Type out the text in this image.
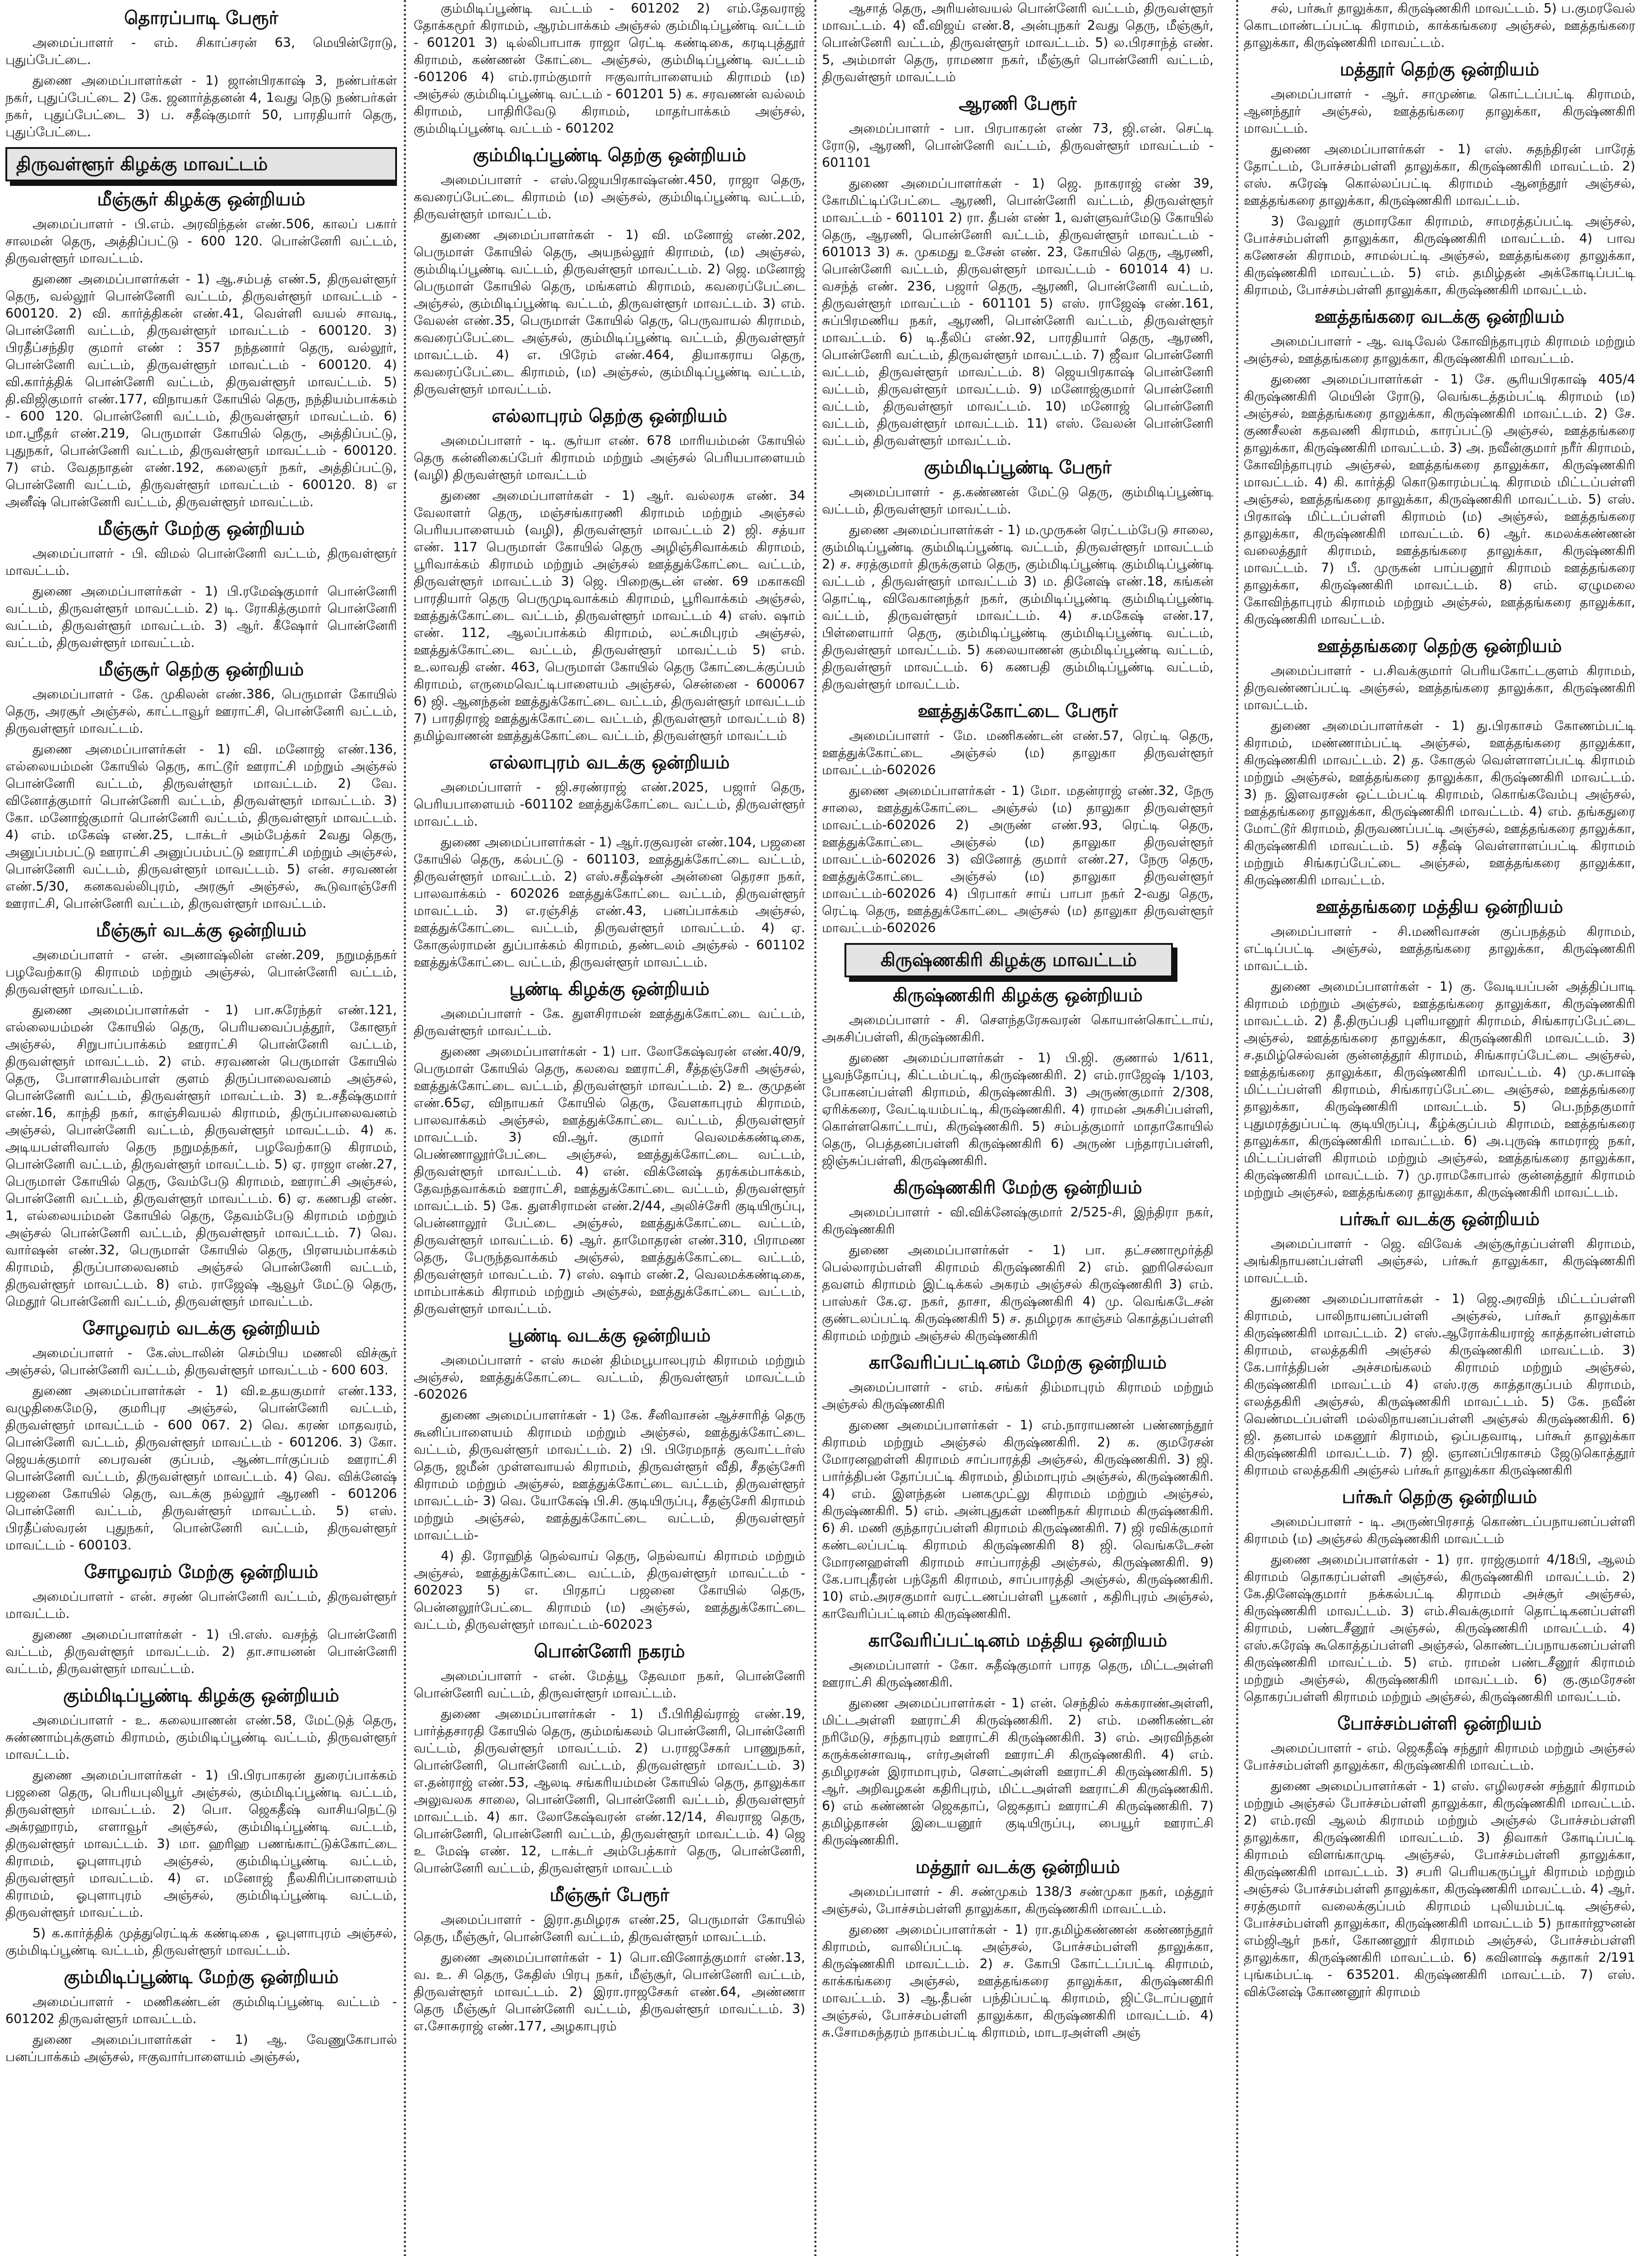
தொரப்பாடி பேரூர்
அமைப்பாளர் - எம். சிகாப்சரன் 63, மெயின்ரோடு, புதுப்பேட்டை.
துணை அமைப்பாளர்கள் - 1) ஜான்பிரகாஷ் 3, நண்பர்கள் நகர், புதுப்பேட்டை 2) கே. ஜனார்த்தனன் 4, 1வது நெடு நண்பர்கள் நகர், புதுப்பேட்டை 3) ப. சதீஷ்குமார் 50, பாரதியார் தெரு, புதுப்பேட்டை.
திருவள்ளூர் கிழக்கு மாவட்டம்
மீஞ்சூர் கிழக்கு ஒன்றியம்
அமைப்பாளர் - பி.எம். அரவிந்தன் எண்.506, காலப் பகார் சாலமன் தெரு, அத்திப்பட்டு - 600 120. பொன்னேரி வட்டம், திருவள்ளூர் மாவட்டம்.
துணை அமைப்பாளர்கள் - 1) ஆ.சம்பத் எண்.5, திருவள்ளூர் தெரு, வல்லூர் பொன்னேரி வட்டம், திருவள்ளூர் மாவட்டம் - 600120. 2) வி. கார்த்திகன் எண்.41, வெள்ளி வயல் சாவடி, பொன்னேரி வட்டம், திருவள்ளூர் மாவட்டம் - 600120. 3) பிரதீப்சந்திர குமார் எண் : 357 நந்தனார் தெரு, வல்லூர், பொன்னேரி வட்டம், திருவள்ளூர் மாவட்டம் - 600120. 4) வி.கார்த்திக் பொன்னேரி வட்டம், திருவள்ளூர் மாவட்டம். 5) தி.விஜிகுமார் எண்.177, விநாயகர் கோயில் தெரு, நந்தியம்பாக்கம் - 600 120. பொன்னேரி வட்டம், திருவள்ளூர் மாவட்டம். 6) மா.ஸ்ரீதர் எண்.219, பெருமாள் கோயில் தெரு, அத்திப்பட்டு, புதுநகர், பொன்னேரி வட்டம், திருவள்ளூர் மாவட்டம் - 600120. 7) எம். வேதநாதன் எண்.192, கலைஞர் நகர், அத்திப்பட்டு, பொன்னேரி வட்டம், திருவள்ளூர் மாவட்டம் - 600120. 8) எ அனீஷ் பொன்னேரி வட்டம், திருவள்ளூர் மாவட்டம்.
மீஞ்சூர் மேற்கு ஒன்றியம்
அமைப்பாளர் - பி. விமல் பொன்னேரி வட்டம், திருவள்ளூர் மாவட்டம்.
துணை அமைப்பாளர்கள் - 1) பி.ரமேஷ்குமார் பொன்னேரி வட்டம், திருவள்ளூர் மாவட்டம். 2) டி. ரோகித்குமார் பொன்னேரி வட்டம், திருவள்ளூர் மாவட்டம். 3) ஆர். கீஷோர் பொன்னேரி வட்டம், திருவள்ளூர் மாவட்டம்.
மீஞ்சூர் தெற்கு ஒன்றியம்
அமைப்பாளர் - கே. முகிலன் எண்.386, பெருமாள் கோயில் தெரு, அரசூர் அஞ்சல், காட்டாவூர் ஊராட்சி, பொன்னேரி வட்டம், திருவள்ளூர் மாவட்டம்.
துணை அமைப்பாளர்கள் - 1) வி. மனோஜ் எண்.136, எல்லையம்மன் கோயில் தெரு, காட்டூர் ஊராட்சி மற்றும் அஞ்சல் பொன்னேரி வட்டம், திருவள்ளூர் மாவட்டம். 2) வே. வினோத்குமார் பொன்னேரி வட்டம், திருவள்ளூர் மாவட்டம். 3) கோ. மனோஜ்குமார் பொன்னேரி வட்டம், திருவள்ளூர் மாவட்டம். 4) எம். மகேஷ் எண்.25, டாக்டர் அம்பேத்கர் 2வது தெரு, அனுப்பம்பட்டு ஊராட்சி அனுப்பம்பட்டு ஊராட்சி மற்றும் அஞ்சல், பொன்னேரி வட்டம், திருவள்ளூர் மாவட்டம். 5) என். சரவணன் எண்.5/30, கனகவல்லிபுரம், அரசூர் அஞ்சல், கூடுவாஞ்சேரி ஊராட்சி, பொன்னேரி வட்டம், திருவள்ளூர் மாவட்டம்.
மீஞ்சூர் வடக்கு ஒன்றியம்
அமைப்பாளர் - என். அனாஷ்லின் எண்.209, நறுமத்நகர் பழவேற்காடு கிராமம் மற்றும் அஞ்சல், பொன்னேரி வட்டம், திருவள்ளூர் மாவட்டம்.
துணை அமைப்பாளர்கள் - 1) பா.சுரேந்தர் எண்.121, எல்லையம்மன் கோயில் தெரு, பெரியவைப்பத்தூர், கோளூர் அஞ்சல், சிறுபாப்பாக்கம் ஊராட்சி பொன்னேரி வட்டம், திருவள்ளூர் மாவட்டம். 2) எம். சரவணன் பெருமாள் கோயில் தெரு, போளாசிவம்பாள் குளம் திருப்பாலைவனம் அஞ்சல், பொன்னேரி வட்டம், திருவள்ளூர் மாவட்டம். 3) உ.சதீஷ்குமார் எண்.16, காந்தி நகர், காஞ்சிவயல் கிராமம், திருப்பாலைவனம் அஞ்சல், பொன்னேரி வட்டம், திருவள்ளூர் மாவட்டம். 4) க. அடியபள்ளிவாஸ் தெரு நறுமத்நகர், பழவேற்காடு கிராமம், பொன்னேரி வட்டம், திருவள்ளூர் மாவட்டம். 5) ஏ. ராஜா எண்.27, பெருமாள் கோயில் தெரு, வேம்பேடு கிராமம், ஊராட்சி அஞ்சல், பொன்னேரி வட்டம், திருவள்ளூர் மாவட்டம். 6) ஏ. கணபதி எண். 1, எல்லையம்மன் கோயில் தெரு, தேவம்பேடு கிராமம் மற்றும் அஞ்சல் பொன்னேரி வட்டம், திருவள்ளூர் மாவட்டம். 7) வெ. வார்ஷன் எண்.32, பெருமாள் கோயில் தெரு, பிரளயம்பாக்கம் கிராமம், திருப்பாலைவனம் அஞ்சல் பொன்னேரி வட்டம், திருவள்ளூர் மாவட்டம். 8) எம். ராஜேஷ் ஆவூர் மேட்டு தெரு, மெதூர் பொன்னேரி வட்டம், திருவள்ளூர் மாவட்டம்.
சோழவரம் வடக்கு ஒன்றியம்
அமைப்பாளர் - கே.ஸ்டாலின் செம்பிய மணலி விச்சூர் அஞ்சல், பொன்னேரி வட்டம், திருவள்ளூர் மாவட்டம் - 600 603.
துணை அமைப்பாளர்கள் - 1) வி.உதயகுமார் எண்.133, வழுதிகைமேடு, குமரிபுர அஞ்சல், பொன்னேரி வட்டம், திருவள்ளூர் மாவட்டம் - 600 067. 2) வெ. கரண் மாதவரம், பொன்னேரி வட்டம், திருவள்ளூர் மாவட்டம் - 601206. 3) கோ. ஜெயக்குமார் பைரவன் குப்பம், ஆண்டார்குப்பம் ஊராட்சி பொன்னேரி வட்டம், திருவள்ளூர் மாவட்டம். 4) வெ. விக்னேஷ் பஜனை கோயில் தெரு, வடக்கு நல்லூர் ஆரணி - 601206 பொன்னேரி வட்டம், திருவள்ளூர் மாவட்டம். 5) எஸ். பிரதீப்ஸ்வரன் புதுநகர், பொன்னேரி வட்டம், திருவள்ளூர் மாவட்டம் - 600103.
சோழவரம் மேற்கு ஒன்றியம்
அமைப்பாளர் - என். சரண் பொன்னேரி வட்டம், திருவள்ளூர் மாவட்டம்.
துணை அமைப்பாளர்கள் - 1) பி.எஸ். வசந்த் பொன்னேரி வட்டம், திருவள்ளூர் மாவட்டம். 2) தா.சாயனன் பொன்னேரி வட்டம், திருவள்ளூர் மாவட்டம்.
கும்மிடிப்பூண்டி கிழக்கு ஒன்றியம்
அமைப்பாளர் - உ. கலையாணன் எண்.58, மேட்டுத் தெரு, சுண்ணாம்புக்குளம் கிராமம், கும்மிடிப்பூண்டி வட்டம், திருவள்ளூர் மாவட்டம்.
துணை அமைப்பாளர்கள் - 1) பி.பிரபாகரன் துரைப்பாக்கம் பஜனை தெரு, பெரியபுலியூர் அஞ்சல், கும்மிடிப்பூண்டி வட்டம், திருவள்ளூர் மாவட்டம். 2) பொ. ஜெகதீஷ் வாசியநெட்டு அக்ரஹாரம், எளாவூர் அஞ்சல், கும்மிடிப்பூண்டி வட்டம், திருவள்ளூர் மாவட்டம். 3) மா. ஹரிஹ பணங்காட்டுக்கோட்டை கிராமம், ஓபுளாபுரம் அஞ்சல், கும்மிடிப்பூண்டி வட்டம், திருவள்ளூர் மாவட்டம். 4) எ. மனோஜ் நீலகிரிப்பாளையம் கிராமம், ஓபுளாபுரம் அஞ்சல், கும்மிடிப்பூண்டி வட்டம், திருவள்ளூர் மாவட்டம்.
5) க.கார்த்திக் முத்துரெட்டிக் கண்டிகை , ஓபுளாபுரம் அஞ்சல், கும்மிடிப்பூண்டி வட்டம், திருவள்ளூர் மாவட்டம்.
கும்மிடிப்பூண்டி மேற்கு ஒன்றியம்
அமைப்பாளர் - மணிகண்டன் கும்மிடிப்பூண்டி வட்டம் - 601202 திருவள்ளூர் மாவட்டம்.
துணை அமைப்பாளர்கள் - 1) ஆ. வேணுகோபால் பனப்பாக்கம் அஞ்சல், ஈகுவார்பாளையம் அஞ்சல்,
கும்மிடிப்பூண்டி வட்டம் - 601202 2) எம்.தேவராஜ் தோக்கமூர் கிராமம், ஆரம்பாக்கம் அஞ்சல் கும்மிடிப்பூண்டி வட்டம் - 601201 3) டில்லிபாபாசு ராஜா ரெட்டி கண்டிகை, கரடிபுத்தூர் கிராமம், கண்ணன் கோட்டை அஞ்சல், கும்மிடிப்பூண்டி வட்டம் -601206 4) எம்.ராம்குமார் ஈகுவார்பாளையம் கிராமம் (ம) அஞ்சல் கும்மிடிப்பூண்டி வட்டம் - 601201 5) க. சரவணன் வல்லம் கிராமம், பாதிரிவேடு கிராமம், மாதர்பாக்கம் அஞ்சல், கும்மிடிப்பூண்டி வட்டம் - 601202
கும்மிடிப்பூண்டி தெற்கு ஒன்றியம்
அமைப்பாளர் - எஸ்.ஜெயபிரகாஷ்எண்.450, ராஜா தெரு, கவரைப்பேட்டை கிராமம் (ம) அஞ்சல், கும்மிடிப்பூண்டி வட்டம், திருவள்ளூர் மாவட்டம்.
துணை அமைப்பாளர்கள் - 1) வி. மனோஜ் எண்.202, பெருமாள் கோயில் தெரு, அயநல்லூர் கிராமம், (ம) அஞ்சல், கும்மிடிப்பூண்டி வட்டம், திருவள்ளூர் மாவட்டம். 2) ஜெ. மனோஜ் பெருமாள் கோயில் தெரு, மங்களம் கிராமம், கவரைப்பேட்டை அஞ்சல், கும்மிடிப்பூண்டி வட்டம், திருவள்ளூர் மாவட்டம். 3) எம். வேலன் எண்.35, பெருமாள் கோயில் தெரு, பெருவாயல் கிராமம், கவரைப்பேட்டை அஞ்சல், கும்மிடிப்பூண்டி வட்டம், திருவள்ளூர் மாவட்டம். 4) எ. பிரேம் எண்.464, தியாகராய தெரு, கவரைப்பேட்டை கிராமம், (ம) அஞ்சல், கும்மிடிப்பூண்டி வட்டம், திருவள்ளூர் மாவட்டம்.
எல்லாபுரம் தெற்கு ஒன்றியம்
அமைப்பாளர் - டி. சூர்யா எண். 678 மாரியம்மன் கோயில் தெரு கன்னிகைப்பேர் கிராமம் மற்றும் அஞ்சல் பெரியபாளையம் (வழி) திருவள்ளூர் மாவட்டம்
துணை அமைப்பாளர்கள் - 1) ஆர். வல்லரசு எண். 34 வேலாளர் தெரு, மஞ்சங்காரணி கிராமம் மற்றும் அஞ்சல் பெரியபாளையம் (வழி), திருவள்ளூர் மாவட்டம் 2) ஜி. சத்யா எண். 117 பெருமாள் கோயில் தெரு அழிஞ்சிவாக்கம் கிராமம், பூரிவாக்கம் கிராமம் மற்றும் அஞ்சல் ஊத்துக்கோட்டை வட்டம், திருவள்ளூர் மாவட்டம் 3) ஜெ. பிறைசூடன் எண். 69 மகாகவி பாரதியார் தெரு பெருமுடிவாக்கம் கிராமம், பூரிவாக்கம் அஞ்சல், ஊத்துக்கோட்டை வட்டம், திருவள்ளூர் மாவட்டம் 4) எஸ். ஷாம் எண். 112, ஆலப்பாக்கம் கிராமம், லட்சுமிபுரம் அஞ்சல், ஊத்துக்கோட்டை வட்டம், திருவள்ளூர் மாவட்டம் 5) எம். உ.லாவதி எண். 463, பெருமாள் கோயில் தெரு கோட்டைக்குப்பம் கிராமம், எருமைவெட்டிபாளையம் அஞ்சல், சென்னை - 600067 6) ஜி. ஆனந்தன் ஊத்துக்கோட்டை வட்டம், திருவள்ளூர் மாவட்டம் 7) பாரதிராஜ் ஊத்துக்கோட்டை வட்டம், திருவள்ளூர் மாவட்டம் 8) தமிழ்வாணன் ஊத்துக்கோட்டை வட்டம், திருவள்ளூர் மாவட்டம்
எல்லாபுரம் வடக்கு ஒன்றியம்
அமைப்பாளர் - ஜி.சரண்ராஜ் எண்.2025, பஜார் தெரு, பெரியபாளையம் -601102 ஊத்துக்கோட்டை வட்டம், திருவள்ளூர் மாவட்டம்.
துணை அமைப்பாளர்கள் - 1) ஆர்.ரகுவரன் எண்.104, பஜனை கோயில் தெரு, கல்பட்டு - 601103, ஊத்துக்கோட்டை வட்டம், திருவள்ளூர் மாவட்டம். 2) எஸ்.சதீஷ்சன் அன்னை தெரசா நகர், பாலவாக்கம் - 602026 ஊத்துக்கோட்டை வட்டம், திருவள்ளூர் மாவட்டம். 3) எ.ரஞ்சித் எண்.43, பனப்பாக்கம் அஞ்சல், ஊத்துக்கோட்டை வட்டம், திருவள்ளூர் மாவட்டம். 4) ஏ. கோகுல்ராமன் துப்பாக்கம் கிராமம், தண்டலம் அஞ்சல் - 601102 ஊத்துக்கோட்டை வட்டம், திருவள்ளூர் மாவட்டம்.
பூண்டி கிழக்கு ஒன்றியம்
அமைப்பாளர் - கே. துளசிராமன் ஊத்துக்கோட்டை வட்டம், திருவள்ளூர் மாவட்டம்.
துணை அமைப்பாளர்கள் - 1) பா. லோகேஷ்வரன் எண்.40/9, பெருமாள் கோயில் தெரு, கலவை ஊராட்சி, சீத்தஞ்சேரி அஞ்சல், ஊத்துக்கோட்டை வட்டம், திருவள்ளூர் மாவட்டம். 2) உ. குமுதன் எண்.65ஏ, விநாயகர் கோயில் தெரு, வேளகாபுரம் கிராமம், பாலவாக்கம் அஞ்சல், ஊத்துக்கோட்டை வட்டம், திருவள்ளூர் மாவட்டம். 3) வி.ஆர். குமார் வெலமக்கண்டிகை, பெண்ணாலூர்பேட்டை அஞ்சல், ஊத்துக்கோட்டை வட்டம், திருவள்ளூர் மாவட்டம். 4) என். விக்னேஷ் தரக்கம்பாக்கம், தேவந்தவாக்கம் ஊராட்சி, ஊத்துக்கோட்டை வட்டம், திருவள்ளூர் மாவட்டம். 5) கே. துளசிராமன் எண்.2/44, அலிச்சேரி குடியிருப்பு, பென்னாலூர் பேட்டை அஞ்சல், ஊத்துக்கோட்டை வட்டம், திருவள்ளூர் மாவட்டம். 6) ஆர். தாமோதரன் எண்.310, பிராமண தெரு, பேருந்தவாக்கம் அஞ்சல், ஊத்துக்கோட்டை வட்டம், திருவள்ளூர் மாவட்டம். 7) எஸ். ஷாம் எண்.2, வெலமக்கண்டிகை, மாம்பாக்கம் கிராமம் மற்றும் அஞ்சல், ஊத்துக்கோட்டை வட்டம், திருவள்ளூர் மாவட்டம்.
பூண்டி வடக்கு ஒன்றியம்
அமைப்பாளர் - எஸ் சுமன் திம்மபூபாலபுரம் கிராமம் மற்றும் அஞ்சல், ஊத்துக்கோட்டை வட்டம், திருவள்ளூர் மாவட்டம் -602026
துணை அமைப்பாளர்கள் - 1) கே. சீனிவாசன் ஆச்சாரித் தெரு கூனிப்பாளையம் கிராமம் மற்றும் அஞ்சல், ஊத்துக்கோட்டை வட்டம், திருவள்ளூர் மாவட்டம். 2) பி. பிரேமநாத் குவாட்டர்ஸ் தெரு, ஜமீன் முள்ளவாயல் கிராமம், திருவள்ளூர் வீதி, சீதஞ்சேரி கிராமம் மற்றும் அஞ்சல், ஊத்துக்கோட்டை வட்டம், திருவள்ளூர் மாவட்டம்- 3) வெ. யோகேஷ் பி.சி. குடியிருப்பு, சீதஞ்சேரி கிராமம் மற்றும் அஞ்சல், ஊத்துக்கோட்டை வட்டம், திருவள்ளூர் மாவட்டம்-
4) தி. ரோஹித் நெல்வாய் தெரு, நெல்வாய் கிராமம் மற்றும் அஞ்சல், ஊத்துக்கோட்டை வட்டம், திருவள்ளூர் மாவட்டம் - 602023 5) எ. பிரதாப் பஜனை கோயில் தெரு, பென்னலூர்பேட்டை கிராமம் (ம) அஞ்சல், ஊத்துக்கோட்டை வட்டம், திருவள்ளூர் மாவட்டம்-602023
பொன்னேரி நகரம்
அமைப்பாளர் - என். மேத்யூ தேவமா நகர், பொன்னேரி பொன்னேரி வட்டம், திருவள்ளூர் மாவட்டம்.
துணை அமைப்பாளர்கள் - 1) பீ.பிரிதிவ்ராஜ் எண்.19, பார்த்தசாரதி கோயில் தெரு, கும்மங்கலம் பொன்னேரி, பொன்னேரி வட்டம், திருவள்ளூர் மாவட்டம். 2) ப.ராஜசேகர் பாணுநகர், பொன்னேரி, பொன்னேரி வட்டம், திருவள்ளூர் மாவட்டம். 3) எ.தன்ராஜ் எண்.53, ஆலடி சங்கரியம்மன் கோயில் தெரு, தாலுக்கா அலுவலக சாலை, பொன்னேரி, பொன்னேரி வட்டம், திருவள்ளூர் மாவட்டம். 4) கா. லோகேஷ்வரன் எண்.12/14, சிவராஜ தெரு, பொன்னேரி, பொன்னேரி வட்டம், திருவள்ளூர் மாவட்டம். 4) ஜெ உ மேஷ் எண். 12, டாக்டர் அம்பேத்கார் தெரு, பொன்னேரி, பொன்னேரி வட்டம், திருவள்ளூர் மாவட்டம்
மீஞ்சூர் பேரூர்
அமைப்பாளர் - இரா.தமிழரசு எண்.25, பெருமாள் கோயில் தெரு, மீஞ்சூர், பொன்னேரி வட்டம், திருவள்ளூர் மாவட்டம்.
துணை அமைப்பாளர்கள் - 1) பொ.வினோத்குமார் எண்.13, வ. உ. சி தெரு, கேதிஸ் பிரபு நகர், மீஞ்சூர், பொன்னேரி வட்டம், திருவள்ளூர் மாவட்டம். 2) இரா.ராஜசேகர் எண்.64, அண்ணா தெரு மீஞ்சூர் பொன்னேரி வட்டம், திருவள்ளூர் மாவட்டம். 3) எ.சோசுராஜ் எண்.177, அழகாபுரம்
ஆசாத் தெரு, அரியன்வயல் பொன்னேரி வட்டம், திருவள்ளூர் மாவட்டம். 4) வீ.விஜய் எண்.8, அன்புநகர் 2வது தெரு, மீஞ்சூர், பொன்னேரி வட்டம், திருவள்ளூர் மாவட்டம். 5) ல.பிரசாந்த் எண். 5, அம்மாள் தெரு, ராமணா நகர், மீஞ்சூர் பொன்னேரி வட்டம், திருவள்ளூர் மாவட்டம்
ஆரணி பேரூர்
அமைப்பாளர் - பா. பிரபாகரன் எண் 73, ஜி.என். செட்டி ரோடு, ஆரணி, பொன்னேரி வட்டம், திருவள்ளூர் மாவட்டம் - 601101
துணை அமைப்பாளர்கள் - 1) ஜெ. நாகராஜ் எண் 39, கோமிட்டிப்பேட்டை ஆரணி, பொன்னேரி வட்டம், திருவள்ளூர் மாவட்டம் - 601101 2) ரா. தீபன் எண் 1, வள்ளுவர்மேடு கோயில் தெரு, ஆரணி, பொன்னேரி வட்டம், திருவள்ளூர் மாவட்டம் - 601013 3) சு. முகமது உசேன் எண். 23, கோயில் தெரு, ஆரணி, பொன்னேரி வட்டம், திருவள்ளூர் மாவட்டம் - 601014 4) ப. வசந்த் எண். 236, பஜார் தெரு, ஆரணி, பொன்னேரி வட்டம், திருவள்ளூர் மாவட்டம் - 601101 5) எஸ். ராஜேஷ் எண்.161, சுப்பிரமணிய நகர், ஆரணி, பொன்னேரி வட்டம், திருவள்ளூர் மாவட்டம். 6) டி.தீலிப் எண்.92, பாரதியார் தெரு, ஆரணி, பொன்னேரி வட்டம், திருவள்ளூர் மாவட்டம். 7) ஜீவா பொன்னேரி வட்டம், திருவள்ளூர் மாவட்டம். 8) ஜெயபிரகாஷ் பொன்னேரி வட்டம், திருவள்ளூர் மாவட்டம். 9) மனோஜ்குமார் பொன்னேரி வட்டம், திருவள்ளூர் மாவட்டம். 10) மனோஜ் பொன்னேரி வட்டம், திருவள்ளூர் மாவட்டம். 11) எஸ். வேலன் பொன்னேரி வட்டம், திருவள்ளூர் மாவட்டம்.
கும்மிடிப்பூண்டி பேரூர்
அமைப்பாளர் - த.கண்ணன் மேட்டு தெரு, கும்மிடிப்பூண்டி வட்டம், திருவள்ளூர் மாவட்டம்.
துணை அமைப்பாளர்கள் - 1) ம.முருகன் ரெட்டம்பேடு சாலை, கும்மிடிப்பூண்டி கும்மிடிப்பூண்டி வட்டம், திருவள்ளூர் மாவட்டம் 2) ச. சரத்குமார் திருக்குளம் தெரு, கும்மிடிப்பூண்டி கும்மிடிப்பூண்டி வட்டம் , திருவள்ளூர் மாவட்டம் 3) ம. தினேஷ் எண்.18, கங்கன் தொட்டி, விவேகானந்தர் நகர், கும்மிடிப்பூண்டி கும்மிடிப்பூண்டி வட்டம், திருவள்ளூர் மாவட்டம். 4) ச.மகேஷ் எண்.17, பிள்ளையார் தெரு, கும்மிடிப்பூண்டி கும்மிடிப்பூண்டி வட்டம், திருவள்ளூர் மாவட்டம். 5) கலையாணன் கும்மிடிப்பூண்டி வட்டம், திருவள்ளூர் மாவட்டம். 6) கணபதி கும்மிடிப்பூண்டி வட்டம், திருவள்ளூர் மாவட்டம்.
ஊத்துக்கோட்டை பேரூர்
அமைப்பாளர் - மே. மணிகண்டன் எண்.57, ரெட்டி தெரு, ஊத்துக்கோட்டை அஞ்சல் (ம) தாலுகா திருவள்ளூர் மாவட்டம்-602026
துணை அமைப்பாளர்கள் - 1) மோ. மதன்ராஜ் எண்.32, நேரு சாலை, ஊத்துக்கோட்டை அஞ்சல் (ம) தாலுகா திருவள்ளூர் மாவட்டம்-602026 2) அருண் எண்.93, ரெட்டி தெரு, ஊத்துக்கோட்டை அஞ்சல் (ம) தாலுகா திருவள்ளூர் மாவட்டம்-602026 3) வினோத் குமார் எண்.27, நேரு தெரு, ஊத்துக்கோட்டை அஞ்சல் (ம) தாலுகா திருவள்ளூர் மாவட்டம்-602026 4) பிரபாகர் சாய் பாபா நகர் 2-வது தெரு, ரெட்டி தெரு, ஊத்துக்கோட்டை அஞ்சல் (ம) தாலுகா திருவள்ளூர் மாவட்டம்-602026
கிருஷ்ணகிரி கிழக்கு மாவட்டம்
கிருஷ்ணகிரி கிழக்கு ஒன்றியம்
அமைப்பாளர் - சி. சௌந்தரேசுவரன் கொயான்கொட்டாய், அகசிப்பள்ளி, கிருஷ்ணகிரி.
துணை அமைப்பாளர்கள் - 1) பி.ஜி. குணால் 1/611, பூவந்தோப்பு, கிட்டம்பட்டி, கிருஷ்ணகிரி. 2) எம்.ராஜேஷ் 1/103, போகனப்பள்ளி கிராமம், கிருஷ்ணகிரி. 3) அருண்குமார் 2/308, ஏரிக்கரை, வேட்டியம்பட்டி, கிருஷ்ணகிரி. 4) ராமன் அகசிப்பள்ளி, கொள்ளகொட்டாய், கிருஷ்ணகிரி. 5) சம்பத்குமார் மாதாகோயில் தெரு, பெத்தனப்பள்ளி கிருஷ்ணகிரி 6) அருண் பந்தாரப்பள்ளி, ஜிஞ்சுப்பள்ளி, கிருஷ்ணகிரி.
கிருஷ்ணகிரி மேற்கு ஒன்றியம்
அமைப்பாளர் - வி.விக்னேஷ்குமார் 2/525-சி, இந்திரா நகர், கிருஷ்ணகிரி
துணை அமைப்பாளர்கள் - 1) பா. தட்சணாமூர்த்தி பெல்லாரம்பள்ளி கிராமம் கிருஷ்ணகிரி 2) எம். ஹரிசெல்வா தவளம் கிராமம் இட்டிக்கல் அகரம் அஞ்சல் கிருஷ்ணகிரி 3) எம். பாஸ்கர் கே.ஏ. நகர், தாசா, கிருஷ்ணகிரி 4) மு. வெங்கடேசன் குண்டலப்பட்டி கிருஷ்ணகிரி 5) ச. தமிழரசு காஞ்சம் கொத்தப்பள்ளி கிராமம் மற்றும் அஞ்சல் கிருஷ்ணகிரி
காவேரிப்பட்டினம் மேற்கு ஒன்றியம்
அமைப்பாளர் - எம். சங்கர் திம்மாபுரம் கிராமம் மற்றும் அஞ்சல் கிருஷ்ணகிரி
துணை அமைப்பாளர்கள் - 1) எம்.நாராயணன் பண்ணந்தூர் கிராமம் மற்றும் அஞ்சல் கிருஷ்ணகிரி. 2) க. குமரேசன் மோரனஹள்ளி கிராமம் சாப்பாரத்தி அஞ்சல், கிருஷ்ணகிரி. 3) ஜி. பார்த்திபன் தோப்பட்டி கிராமம், திம்மாபுரம் அஞ்சல், கிருஷ்ணகிரி. 4) எம். இளந்தன் பனகமுட்லு கிராமம் மற்றும் அஞ்சல், கிருஷ்ணகிரி. 5) எம். அன்புதுகள் மணிநகர் கிராமம் கிருஷ்ணகிரி. 6) சி. மணி குந்தாரப்பள்ளி கிராமம் கிருஷ்ணகிரி. 7) ஜி ரவிக்குமார் கண்டலப்பட்டி கிராமம் கிருஷ்ணகிரி 8) ஜி. வெங்கடேசன் மோரனஹள்ளி கிராமம் சாப்பாரத்தி அஞ்சல், கிருஷ்ணகிரி. 9) கே.பாபுதீரன் பந்தேரி கிராமம், சாப்பாரத்தி அஞ்சல், கிருஷ்ணகிரி. 10) எம்.அரசகுமார் வரட்டணப்பள்ளி பூகனர் , கதிரிபுரம் அஞ்சல், காவேரிப்பட்டினம் கிருஷ்ணகிரி.
காவேரிப்பட்டினம் மத்திய ஒன்றியம்
அமைப்பாளர் - கோ. சுதீஷ்குமார் பாரத தெரு, மிட்டஅள்ளி ஊராட்சி கிருஷ்ணகிரி.
துணை அமைப்பாளர்கள் - 1) என். செந்தில் சுக்கராண்அள்ளி, மிட்டஅள்ளி ஊராட்சி கிருஷ்ணகிரி. 2) எம். மணிகண்டன் நரிமேடு, சந்தாபுரம் ஊராட்சி கிருஷ்ணகிரி. 3) எம். அரவிந்தன் கருக்கன்சாவடி, எர்ரஅள்ளி ஊராட்சி கிருஷ்ணகிரி. 4) எம். தமிழரசன் இராமாபுரம், சௌட்அள்ளி ஊராட்சி கிருஷ்ணகிரி. 5) ஆர். அறிவழகன் கதிரிபுரம், மிட்டஅள்ளி ஊராட்சி கிருஷ்ணகிரி. 6) எம் கண்ணன் ஜெகதாப், ஜெகதாப் ஊராட்சி கிருஷ்ணகிரி. 7) தமிழ்தாசன் இடையனூர் குடியிருப்பு, பையூர் ஊராட்சி கிருஷ்ணகிரி.
மத்தூர் வடக்கு ஒன்றியம்
அமைப்பாளர் - சி. சண்முகம் 138/3 சண்முகா நகர், மத்தூர் அஞ்சல், போச்சம்பள்ளி தாலுக்கா, கிருஷ்ணகிரி மாவட்டம்.
துணை அமைப்பாளர்கள் - 1) ரா.தமிழ்கண்ணன் கண்ணந்தூர் கிராமம், வாலிப்பட்டி அஞ்சல், போச்சம்பள்ளி தாலுக்கா, கிருஷ்ணகிரி மாவட்டம். 2) ச. கோபி கோட்டப்பட்டி கிராமம், காக்கங்கரை அஞ்சல், ஊத்தங்கரை தாலுக்கா, கிருஷ்ணகிரி மாவட்டம். 3) ஆ.தீபன் பந்திப்பட்டி கிராமம், ஜிட்டோப்பனூர் அஞ்சல், போச்சம்பள்ளி தாலுக்கா, கிருஷ்ணகிரி மாவட்டம். 4) சு.சோமசுந்தரம் நாகம்பட்டி கிராமம், மாடரஅள்ளி அஞ்
சல், பர்கூர் தாலுக்கா, கிருஷ்ணகிரி மாவட்டம். 5) ப.குமரவேல் கொடமாண்டப்பட்டி கிராமம், காக்கங்கரை அஞ்சல், ஊத்தங்கரை தாலுக்கா, கிருஷ்ணகிரி மாவட்டம்.
மத்தூர் தெற்கு ஒன்றியம்
அமைப்பாளர் - ஆர். சாமுண்டீ கொட்டப்பட்டி கிராமம், ஆனந்தூர் அஞ்சல், ஊத்தங்கரை தாலுக்கா, கிருஷ்ணகிரி மாவட்டம்.
துணை அமைப்பாளர்கள் - 1) எஸ். சுதந்திரன் பாரேத் தோட்டம், போச்சம்பள்ளி தாலுக்கா, கிருஷ்ணகிரி மாவட்டம். 2) எஸ். சுரேஷ் கொல்லப்பட்டி கிராமம் ஆனந்தூர் அஞ்சல், ஊத்தங்கரை தாலுக்கா, கிருஷ்ணகிரி மாவட்டம்.
3) வேலூர் குமாரகோ கிராமம், சாமரத்தப்பட்டி அஞ்சல், போச்சம்பள்ளி தாலுக்கா, கிருஷ்ணகிரி மாவட்டம். 4) பாவ கணேசன் கிராமம், சாமல்பட்டி அஞ்சல், ஊத்தங்கரை தாலுக்கா, கிருஷ்ணகிரி மாவட்டம். 5) எம். தமிழ்தன் அக்கோடிப்பட்டி கிராமம், போச்சம்பள்ளி தாலுக்கா, கிருஷ்ணகிரி மாவட்டம்.
ஊத்தங்கரை வடக்கு ஒன்றியம்
அமைப்பாளர் - ஆ. வடிவேல் கோவிந்தாபுரம் கிராமம் மற்றும் அஞ்சல், ஊத்தங்கரை தாலுக்கா, கிருஷ்ணகிரி மாவட்டம்.
துணை அமைப்பாளர்கள் - 1) சே. சூரியபிரகாஷ் 405/4 கிருஷ்ணகிரி மெயின் ரோடு, வெங்கடத்தம்பட்டி கிராமம் (ம) அஞ்சல், ஊத்தங்கரை தாலுக்கா, கிருஷ்ணகிரி மாவட்டம். 2) சே. குணசீலன் கதவணி கிராமம், காரப்பட்டு அஞ்சல், ஊத்தங்கரை தாலுக்கா, கிருஷ்ணகிரி மாவட்டம். 3) அ. நவீன்குமார் நரீர் கிராமம், கோவிந்தாபுரம் அஞ்சல், ஊத்தங்கரை தாலுக்கா, கிருஷ்ணகிரி மாவட்டம். 4) கி. கார்த்தி கொடுகாரம்பட்டி கிராமம் மிட்டப்பள்ளி அஞ்சல், ஊத்தங்கரை தாலுக்கா, கிருஷ்ணகிரி மாவட்டம். 5) எஸ். பிரகாஷ் மிட்டப்பள்ளி கிராமம் (ம) அஞ்சல், ஊத்தங்கரை தாலுக்கா, கிருஷ்ணகிரி மாவட்டம். 6) ஆர். கமலக்கண்ணன் வலைத்தூர் கிராமம், ஊத்தங்கரை தாலுக்கா, கிருஷ்ணகிரி மாவட்டம். 7) பீ. முருகன் பாப்பனூர் கிராமம் ஊத்தங்கரை தாலுக்கா, கிருஷ்ணகிரி மாவட்டம். 8) எம். ஏழுமலை கோவிந்தாபுரம் கிராமம் மற்றும் அஞ்சல், ஊத்தங்கரை தாலுக்கா, கிருஷ்ணகிரி மாவட்டம்.
ஊத்தங்கரை தெற்கு ஒன்றியம்
அமைப்பாளர் - ப.சிவக்குமார் பெரியகோட்டகுளம் கிராமம், திருவண்ணப்பட்டி அஞ்சல், ஊத்தங்கரை தாலுக்கா, கிருஷ்ணகிரி மாவட்டம்.
துணை அமைப்பாளர்கள் - 1) து.பிரகாசம் கோணம்பட்டி கிராமம், மண்ணாம்பட்டி அஞ்சல், ஊத்தங்கரை தாலுக்கா, கிருஷ்ணகிரி மாவட்டம். 2) த. கோகுல் வெள்ளாளப்பட்டி கிராமம் மற்றும் அஞ்சல், ஊத்தங்கரை தாலுக்கா, கிருஷ்ணகிரி மாவட்டம். 3) ந. இளவரசன் ஒட்டம்பட்டி கிராமம், கொங்கவேம்பு அஞ்சல், ஊத்தங்கரை தாலுக்கா, கிருஷ்ணகிரி மாவட்டம். 4) எம். தங்கதுரை மோட்டூர் கிராமம், திருவணப்பட்டி அஞ்சல், ஊத்தங்கரை தாலுக்கா, கிருஷ்ணகிரி மாவட்டம். 5) சதீஷ் வெள்ளாளப்பட்டி கிராமம் மற்றும் சிங்கரப்பேட்டை அஞ்சல், ஊத்தங்கரை தாலுக்கா, கிருஷ்ணகிரி மாவட்டம்.
ஊத்தங்கரை மத்திய ஒன்றியம்
அமைப்பாளர் - சி.மணிவாசன் குப்பநத்தம் கிராமம், எட்டிப்பட்டி அஞ்சல், ஊத்தங்கரை தாலுக்கா, கிருஷ்ணகிரி மாவட்டம்.
துணை அமைப்பாளர்கள் - 1) கு. வேடியப்பன் அத்திப்பாடி கிராமம் மற்றும் அஞ்சல், ஊத்தங்கரை தாலுக்கா, கிருஷ்ணகிரி மாவட்டம். 2) தீ.திருப்பதி புளியானூர் கிராமம், சிங்காரப்பேட்டை அஞ்சல், ஊத்தங்கரை தாலுக்கா, கிருஷ்ணகிரி மாவட்டம். 3) ச.தமிழ்செல்வன் குன்னத்தூர் கிராமம், சிங்காரப்பேட்டை அஞ்சல், ஊத்தங்கரை தாலுக்கா, கிருஷ்ணகிரி மாவட்டம். 4) மு.சுபாஷ் மிட்டப்பள்ளி கிராமம், சிங்காரப்பேட்டை அஞ்சல், ஊத்தங்கரை தாலுக்கா, கிருஷ்ணகிரி மாவட்டம். 5) பெ.நந்தகுமார் புதுமரத்துப்பட்டி குடியிருப்பு, கீழ்க்குப்பம் கிராமம், ஊத்தங்கரை தாலுக்கா, கிருஷ்ணகிரி மாவட்டம். 6) அ.புருஷ் காமராஜ் நகர், மிட்டப்பள்ளி கிராமம் மற்றும் அஞ்சல், ஊத்தங்கரை தாலுக்கா, கிருஷ்ணகிரி மாவட்டம். 7) மு.ராமகோபால் குன்னத்தூர் கிராமம் மற்றும் அஞ்சல், ஊத்தங்கரை தாலுக்கா, கிருஷ்ணகிரி மாவட்டம்.
பர்கூர் வடக்கு ஒன்றியம்
அமைப்பாளர் - ஜெ. விவேக் அஞ்சூர்தப்பள்ளி கிராமம், அங்கிநாயனப்பள்ளி அஞ்சல், பர்கூர் தாலுக்கா, கிருஷ்ணகிரி மாவட்டம்.
துணை அமைப்பாளர்கள் - 1) ஜெ.அரவிந் மிட்டப்பள்ளி கிராமம், பாலிநாயனப்பள்ளி அஞ்சல், பர்கூர் தாலுக்கா கிருஷ்ணகிரி மாவட்டம். 2) எஸ்.ஆரோக்கியராஜ் காத்தான்பள்ளம் கிராமம், எலத்தகிரி அஞ்சல் கிருஷ்ணகிரி மாவட்டம். 3) கே.பார்த்திபன் அச்சமங்கலம் கிராமம் மற்றும் அஞ்சல், கிருஷ்ணகிரி மாவட்டம் 4) எஸ்.ரகு காத்தாகுப்பம் கிராமம், எலத்தகிரி அஞ்சல், கிருஷ்ணகிரி மாவட்டம். 5) கே. நவீன் வெண்மடப்பள்ளி மல்லிநாயனப்பள்ளி அஞ்சல் கிருஷ்ணகிரி. 6) ஜி. தனபால் மகனூர் கிராமம், ஒப்பதவாடி, பர்கூர் தாலுக்கா கிருஷ்ணகிரி மாவட்டம். 7) ஜி. ஞானப்பிரகாசம் ஜேடுகொத்தூர் கிராமம் எலத்தகிரி அஞ்சல் பர்கூர் தாலுக்கா கிருஷ்ணகிரி
பர்கூர் தெற்கு ஒன்றியம்
அமைப்பாளர் - டி. அருண்பிரசாத் கொண்டப்பநாயனப்பள்ளி கிராமம் (ம) அஞ்சல் கிருஷ்ணகிரி மாவட்டம்
துணை அமைப்பாளர்கள் - 1) ரா. ராஜ்குமார் 4/18பி, ஆலம் கிராமம் தொகரப்பள்ளி அஞ்சல், கிருஷ்ணகிரி மாவட்டம். 2) கே.தினேஷ்குமார் நக்கல்பட்டி கிராமம் அச்சூர் அஞ்சல், கிருஷ்ணகிரி மாவட்டம். 3) எம்.சிவக்குமார் தொட்டிகனப்பள்ளி கிராமம், பண்டசீனூர் அஞ்சல், கிருஷ்ணகிரி மாவட்டம். 4) எஸ்.சுரேஷ் கூகொத்தப்பள்ளி அஞ்சல், கொண்டப்பநாயகனப்பள்ளி கிருஷ்ணகிரி மாவட்டம். 5) எம். ராமன் பண்டசீனூர் கிராமம் மற்றும் அஞ்சல், கிருஷ்ணகிரி மாவட்டம். 6) கு.குமரேசன் தொகரப்பள்ளி கிராமம் மற்றும் அஞ்சல், கிருஷ்ணகிரி மாவட்டம்.
போச்சம்பள்ளி ஒன்றியம்
அமைப்பாளர் - எம். ஜெகதீஷ் சந்தூர் கிராமம் மற்றும் அஞ்சல் போச்சம்பள்ளி தாலுக்கா, கிருஷ்ணகிரி மாவட்டம்.
துணை அமைப்பாளர்கள் - 1) எஸ். எழிலரசன் சந்தூர் கிராமம் மற்றும் அஞ்சல் போச்சம்பள்ளி தாலுக்கா, கிருஷ்ணகிரி மாவட்டம். 2) எம்.ரவி ஆலம் கிராமம் மற்றும் அஞ்சல் போச்சம்பள்ளி தாலுக்கா, கிருஷ்ணகிரி மாவட்டம். 3) திவாகர் கோடிப்பட்டி கிராமம் விளங்காமுடி அஞ்சல், போச்சம்பள்ளி தாலுக்கா, கிருஷ்ணகிரி மாவட்டம். 3) சபரி பெரியகருப்பூர் கிராமம் மற்றும் அஞ்சல் போச்சம்பள்ளி தாலுக்கா, கிருஷ்ணகிரி மாவட்டம். 4) ஆர். சரத்குமார் வலைக்குப்பம் கிராமம் புலியம்பட்டி அஞ்சல், போச்சம்பள்ளி தாலுக்கா, கிருஷ்ணகிரி மாவட்டம் 5) நாகார்ஜுனன் எம்ஜிஆர் நகர், கோணனூர் கிராமம் அஞ்சல், போச்சம்பள்ளி தாலுக்கா, கிருஷ்ணகிரி மாவட்டம். 6) கவினாஷ் சுதாகர் 2/191 புங்கம்பட்டி - 635201. கிருஷ்ணகிரி மாவட்டம். 7) எஸ். விக்னேஷ் கோணனூர் கிராமம்
